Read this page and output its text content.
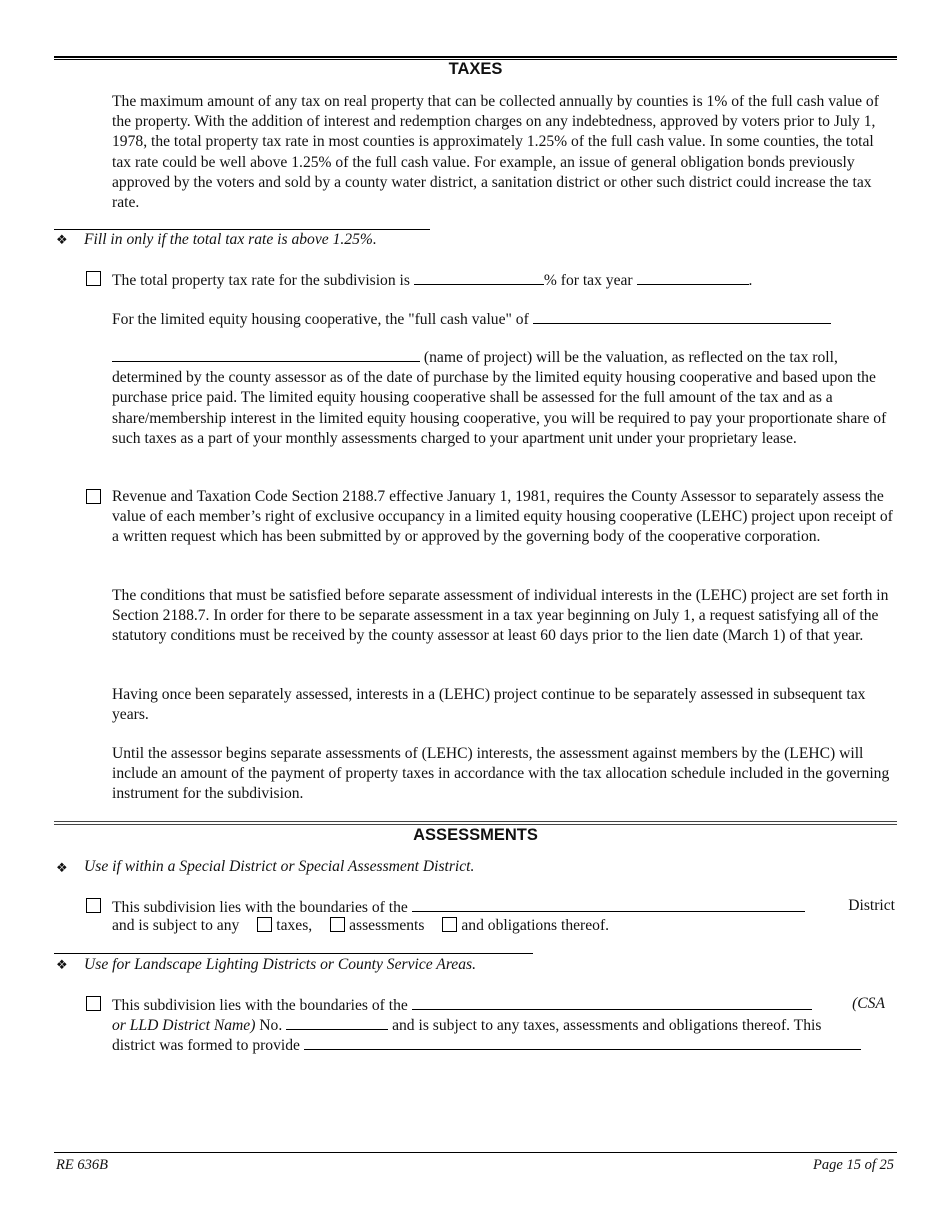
TAXES

The maximum amount of any tax on real property that can be collected annually by counties is 1% of the full cash value of the property. With the addition of interest and redemption charges on any indebtedness, approved by voters prior to July 1, 1978, the total property tax rate in most counties is approximately 1.25% of the full cash value. In some counties, the total tax rate could be well above 1.25% of the full cash value. For example, an issue of general obligation bonds previously approved by the voters and sold by a county water district, a sanitation district or other such district could increase the tax rate.

❖ Fill in only if the total tax rate is above 1.25%.
The total property tax rate for the subdivision is	% for tax year	.
For the limited equity housing cooperative, the "full cash value" of

(name of project) will be the valuation, as reflected on the tax roll, determined by the county assessor as of the date of purchase by the limited equity housing cooperative and based upon the purchase price paid. The limited equity housing cooperative shall be assessed for the full amount of the tax and as a share/membership interest in the limited equity housing cooperative, you will be required to pay your proportionate share of such taxes as a part of your monthly assessments charged to your apartment unit under your proprietary lease.

Revenue and Taxation Code Section 2188.7 effective January 1, 1981, requires the County Assessor to separately assess the value of each member’s right of exclusive occupancy in a limited equity housing cooperative (LEHC) project upon receipt of a written request which has been submitted by or approved by the governing body of the cooperative corporation.

The conditions that must be satisfied before separate assessment of individual interests in the (LEHC) project are set forth in Section 2188.7. In order for there to be separate assessment in a tax year beginning on July 1, a request satisfying all of the statutory conditions must be received by the county assessor at least 60 days prior to the lien date (March 1) of that year.

Having once been separately assessed, interests in a (LEHC) project continue to be separately assessed in subsequent tax years.

Until the assessor begins separate assessments of (LEHC) interests, the assessment against members by the (LEHC) will include an amount of the payment of property taxes in accordance with the tax allocation schedule included in the governing instrument for the subdivision.

ASSESSMENTS
❖ Use if within a Special District or Special Assessment District.
This subdivision lies with the boundaries of the	District
and is subject to any taxes, assessments and obligations thereof.
❖ Use for Landscape Lighting Districts or County Service Areas.
This subdivision lies with the boundaries of the	(CSA
or LLD District Name) No.	and is subject to any taxes, assessments and obligations thereof. This
district was formed to provide
RE 636B	Page 15 of 25
